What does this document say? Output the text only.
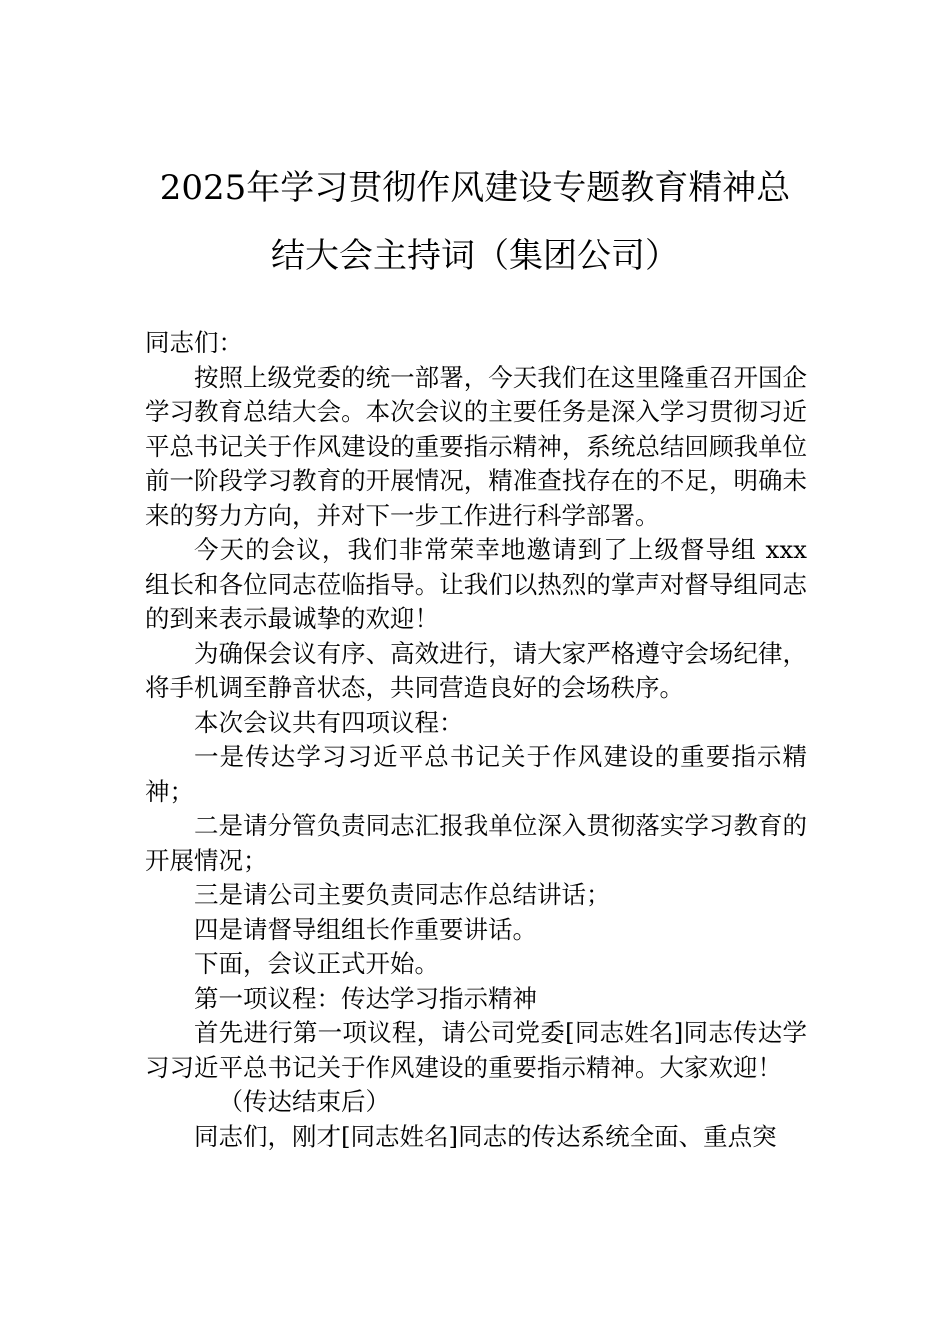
2025年学习贯彻作风建设专题教育精神总
结大会主持词（集团公司）

同志们：

按照上级党委的统一部署，今天我们在这里隆重召开国企学习教育总结大会。本次会议的主要任务是深入学习贯彻习近平总书记关于作风建设的重要指示精神，系统总结回顾我单位前一阶段学习教育的开展情况，精准查找存在的不足，明确未来的努力方向，并对下一步工作进行科学部署。

今天的会议，我们非常荣幸地邀请到了上级督导组 xxx 组长和各位同志莅临指导。让我们以热烈的掌声对督导组同志的到来表示最诚挚的欢迎！

为确保会议有序、高效进行，请大家严格遵守会场纪律，将手机调至静音状态，共同营造良好的会场秩序。

本次会议共有四项议程：

一是传达学习习近平总书记关于作风建设的重要指示精神；

二是请分管负责同志汇报我单位深入贯彻落实学习教育的开展情况；

三是请公司主要负责同志作总结讲话；

四是请督导组组长作重要讲话。

下面，会议正式开始。

第一项议程：传达学习指示精神

首先进行第一项议程，请公司党委[同志姓名]同志传达学习习近平总书记关于作风建设的重要指示精神。大家欢迎！

（传达结束后）

同志们，刚才[同志姓名]同志的传达系统全面、重点突
